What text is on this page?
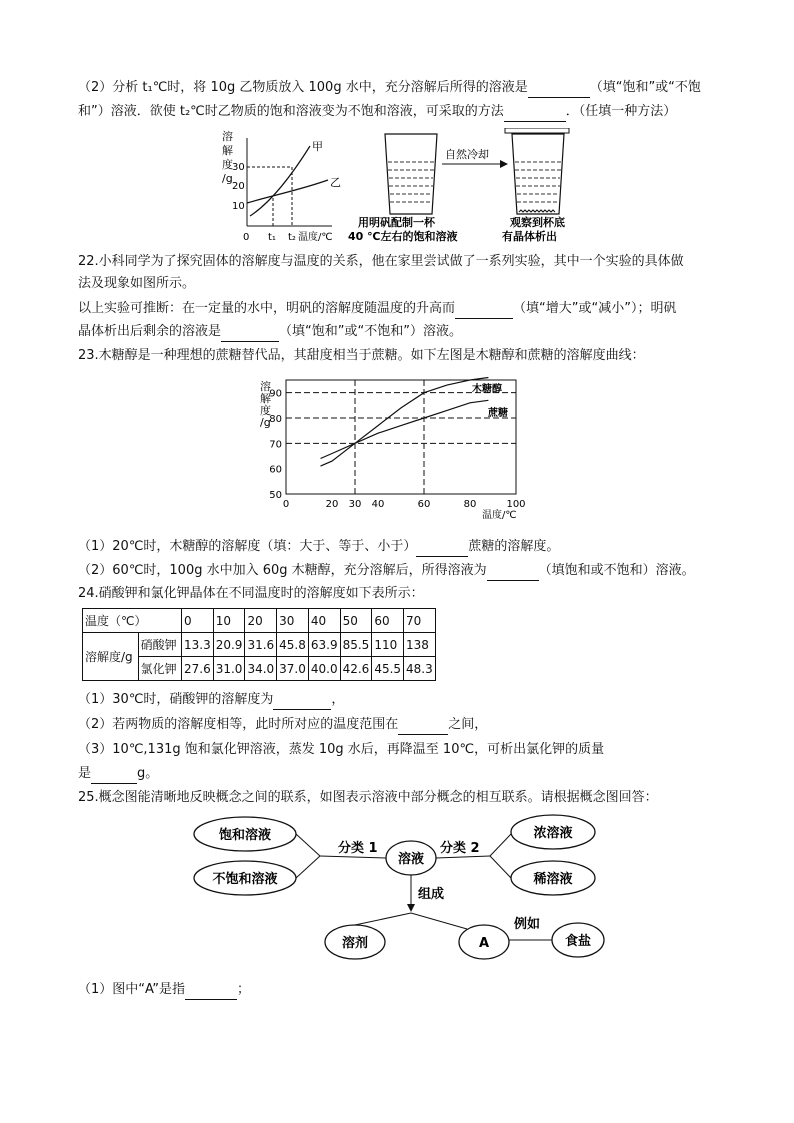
（2）分析 t₁℃时，将 10g 乙物质放入 100g 水中，充分溶解后所得的溶液是	（填“饱和”或“不饱
和”）溶液．欲使 t₂℃时乙物质的饱和溶液变为不饱和溶液，可采取的方法	．（任填一种方法）
溶
解
度
/g
30
20
10
0 t₁ t₂ 温度/℃
甲
乙
自然冷却
用明矾配制一杯
40 ℃左右的饱和溶液
观察到杯底
有晶体析出
22.小科同学为了探究固体的溶解度与温度的关系，他在家里尝试做了一系列实验，其中一个实验的具体做
法及现象如图所示。
以上实验可推断：在一定量的水中，明矾的溶解度随温度的升高而	（填“增大”或“减小”）；明矾
晶体析出后剩余的溶液是	（填“饱和”或“不饱和”）溶液。
23.木糖醇是一种理想的蔗糖替代品，其甜度相当于蔗糖。如下左图是木糖醇和蔗糖的溶解度曲线：
溶
解
度
/g
50
60
70
80
90
0	20 30 40	60	80	100
温度/℃
木糖醇
蔗糖
（1）20℃时，木糖醇的溶解度（填：大于、等于、小于）	蔗糖的溶解度。
（2）60℃时，100g 水中加入 60g 木糖醇，充分溶解后，所得溶液为	（填饱和或不饱和）溶液。
24.硝酸钾和氯化钾晶体在不同温度时的溶解度如下表所示：
温度（℃）		0	10	20	30	40	50	60	70
溶解度/g	硝酸钾	13.3	20.9	31.6	45.8	63.9	85.5	110	138
	氯化钾	27.6	31.0	34.0	37.0	40.0	42.6	45.5	48.3
（1）30℃时，硝酸钾的溶解度为	，
（2）若两物质的溶解度相等，此时所对应的温度范围在	之间，
（3）10℃,131g 饱和氯化钾溶液，蒸发 10g 水后，再降温至 10℃，可析出氯化钾的质量
是	g。
25.概念图能清晰地反映概念之间的联系，如图表示溶液中部分概念的相互联系。请根据概念图回答：
饱和溶液
不饱和溶液
溶液
浓溶液
稀溶液
溶剂	A	食盐
分类 1	分类 2
组成
例如
（1）图中“A”是指	；
